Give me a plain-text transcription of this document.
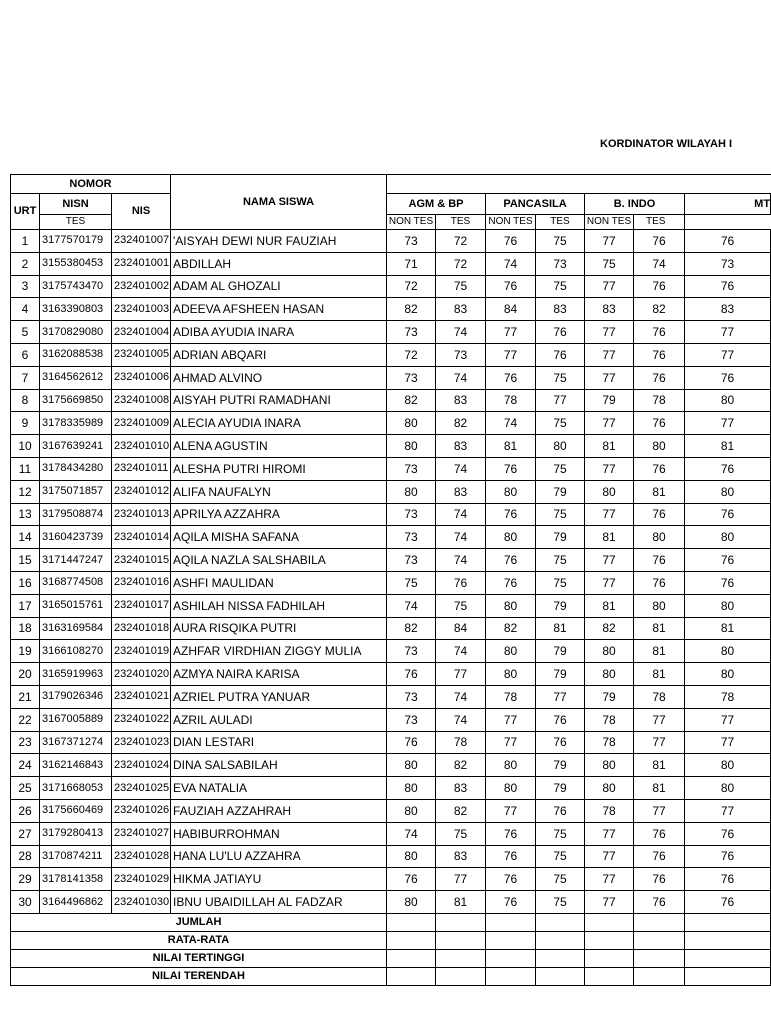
KORDINATOR WILAYAH I
NOMOR			NAMA SISWA							
URT	NISN	NIS		AGM & BP		PANCASILA		B. INDO		MT

	TES			NON TES	TES	NON TES	TES	NON TES	TES	
1	3177570179	232401007	'AISYAH DEWI NUR FAUZIAH	73	72	76	75	77	76	76
2	3155380453	232401001	ABDILLAH	71	72	74	73	75	74	73
3	3175743470	232401002	ADAM AL GHOZALI	72	75	76	75	77	76	76
4	3163390803	232401003	ADEEVA AFSHEEN HASAN	82	83	84	83	83	82	83
5	3170829080	232401004	ADIBA AYUDIA INARA	73	74	77	76	77	76	77
6	3162088538	232401005	ADRIAN ABQARI	72	73	77	76	77	76	77
7	3164562612	232401006	AHMAD ALVINO	73	74	76	75	77	76	76
8	3175669850	232401008	AISYAH PUTRI RAMADHANI	82	83	78	77	79	78	80
9	3178335989	232401009	ALECIA AYUDIA INARA	80	82	74	75	77	76	77
10	3167639241	232401010	ALENA AGUSTIN	80	83	81	80	81	80	81
11	3178434280	232401011	ALESHA PUTRI HIROMI	73	74	76	75	77	76	76
12	3175071857	232401012	ALIFA NAUFALYN	80	83	80	79	80	81	80
13	3179508874	232401013	APRILYA AZZAHRA	73	74	76	75	77	76	76
14	3160423739	232401014	AQILA MISHA SAFANA	73	74	80	79	81	80	80
15	3171447247	232401015	AQILA NAZLA SALSHABILA	73	74	76	75	77	76	76
16	3168774508	232401016	ASHFI MAULIDAN	75	76	76	75	77	76	76
17	3165015761	232401017	ASHILAH NISSA FADHILAH	74	75	80	79	81	80	80
18	3163169584	232401018	AURA RISQIKA PUTRI	82	84	82	81	82	81	81
19	3166108270	232401019	AZHFAR VIRDHIAN ZIGGY MULIA	73	74	80	79	80	81	80
20	3165919963	232401020	AZMYA NAIRA KARISA	76	77	80	79	80	81	80
21	3179026346	232401021	AZRIEL PUTRA YANUAR	73	74	78	77	79	78	78
22	3167005889	232401022	AZRIL AULADI	73	74	77	76	78	77	77
23	3167371274	232401023	DIAN LESTARI	76	78	77	76	78	77	77
24	3162146843	232401024	DINA SALSABILAH	80	82	80	79	80	81	80
25	3171668053	232401025	EVA NATALIA	80	83	80	79	80	81	80
26	3175660469	232401026	FAUZIAH AZZAHRAH	80	82	77	76	78	77	77
27	3179280413	232401027	HABIBURROHMAN	74	75	76	75	77	76	76
28	3170874211	232401028	HANA LU'LU AZZAHRA	80	83	76	75	77	76	76
29	3178141358	232401029	HIKMA JATIAYU	76	77	76	75	77	76	76
30	3164496862	232401030	IBNU UBAIDILLAH AL FADZAR	80	81	76	75	77	76	76
JUMLAH										
RATA-RATA										
NILAI TERTINGGI										
NILAI TERENDAH										
